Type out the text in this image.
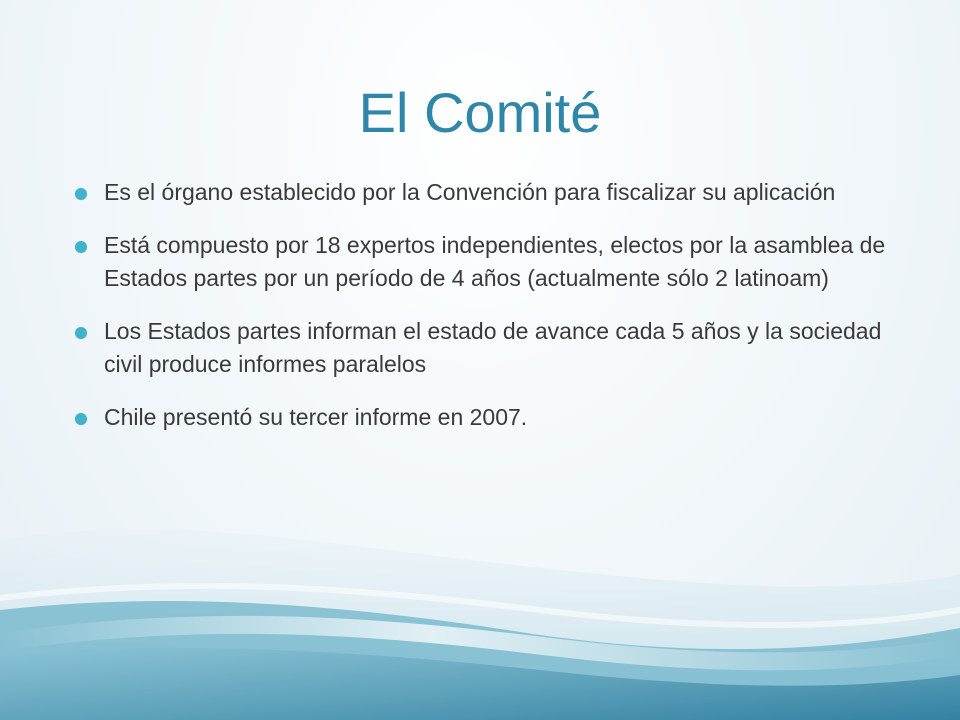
El Comité
Es el órgano establecido por la Convención para fiscalizar su aplicación
Está compuesto por 18 expertos independientes, electos por la asamblea de Estados partes por un período de 4 años (actualmente sólo 2 latinoam)
Los Estados partes informan el estado de avance cada 5 años y la sociedad civil produce informes paralelos
Chile presentó su tercer informe en 2007.
